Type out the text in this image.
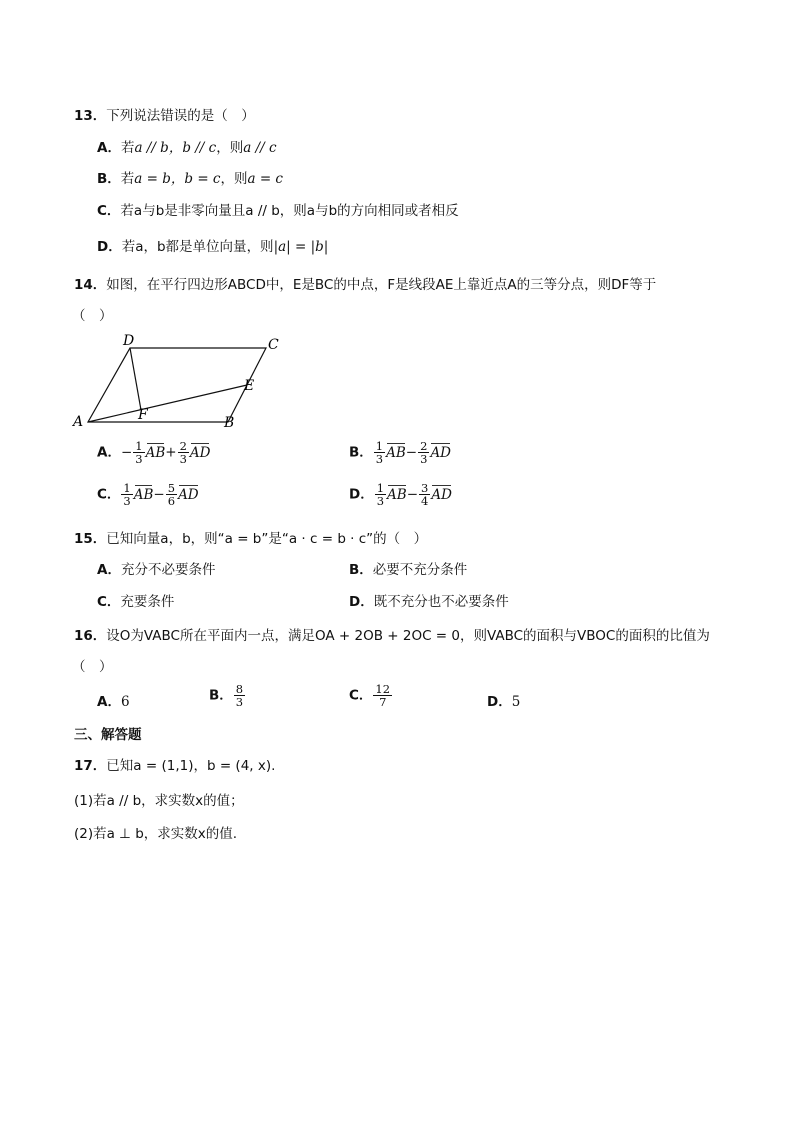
13．下列说法错误的是（　）
A．若a // b，b // c，则a // c
B．若a = b，b = c，则a = c
C．若a与b是非零向量且a // b，则a与b的方向相同或者相反
D．若a，b都是单位向量，则|a| = |b|
14．如图，在平行四边形ABCD中，E是BC的中点，F是线段AE上靠近点A的三等分点，则DF等于
（　）
A	B
C
D
E
F
A．− $\frac{1}{3} AB+ \frac{2}{3}$ AD	B． $\frac{1}{3} AB- \frac{2}{3}$ AD
C． $\frac{1}{3} AB- \frac{5}{6}$ AD	D． $\frac{1}{3} AB- \frac{3}{4}$ AD
15．已知向量a，b，则“a = b”是“a · c = b · c”的（　）
A．充分不必要条件	B．必要不充分条件
C．充要条件	D．既不充分也不必要条件
16．设O为VABC所在平面内一点，满足OA + 2OB + 2OC = 0，则VABC的面积与VBOC的面积的比值为
（　）
A．6	B． $\frac{8}{3}$	C． $\frac{12}{7}$	D．5
三、解答题
17．已知a = (1,1)，b = (4, x).
(1)若a // b，求实数x的值；
(2)若a ⊥ b，求实数x的值.
